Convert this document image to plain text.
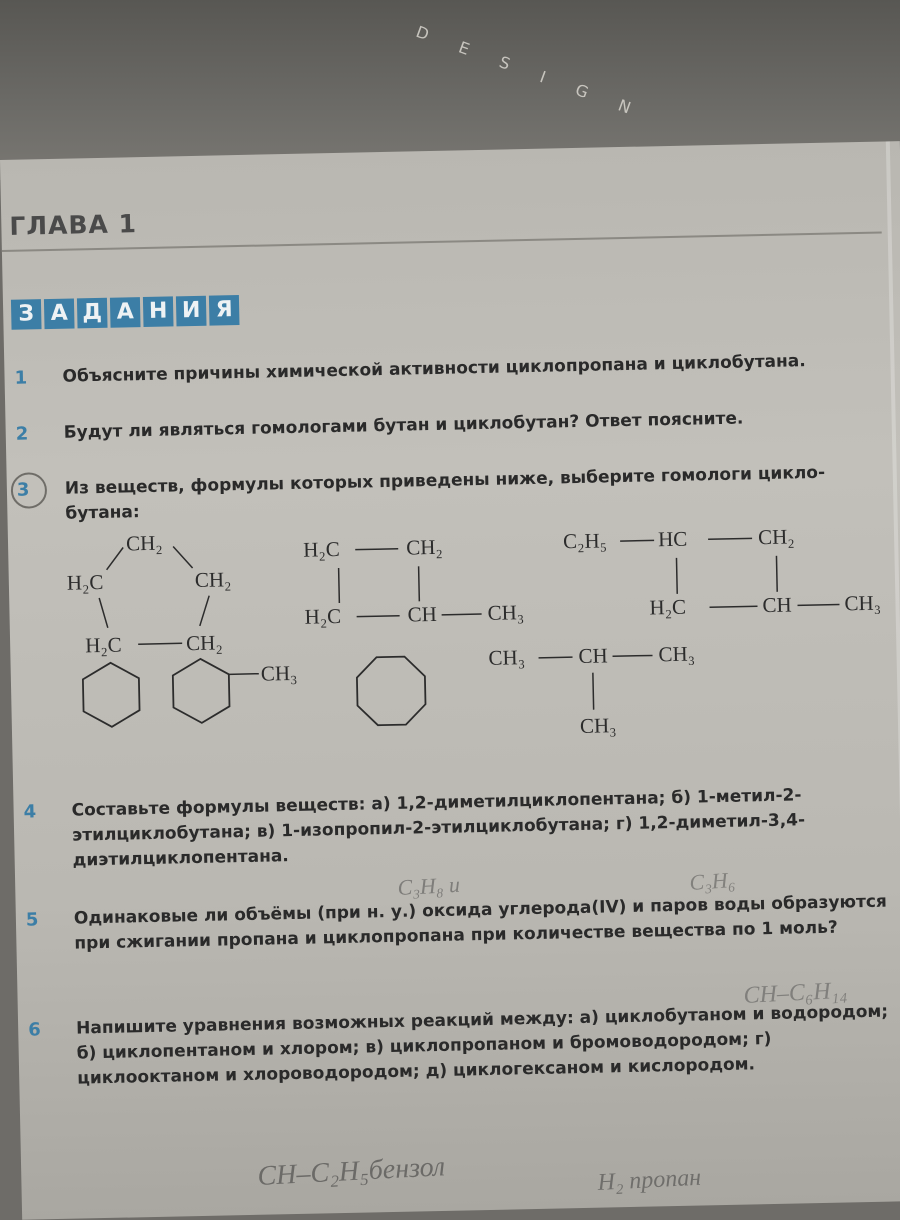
D E S I G N
ГЛАВА 1
З А Д А Н И Я
1 Объясните причины химической активности циклопропана и циклобутана.
2 Будут ли являться гомологами бутан и циклобутан? Ответ поясните.
3 Из веществ, формулы которых приведены ниже, выберите гомологи цикло-бутана:
CH₂
H₂C	CH₂
H₂C	CH₂
H₂C	CH₂
H₂C	CH CH₃
C₂H₅ HC	CH₂
H₂C	CH CH₃
CH₃
CH₃	CH CH₃
CH₃
4 Составьте формулы веществ: а) 1,2-диметилциклопентана; б) 1-метил-2-этилциклобутана; в) 1-изопропил-2-этилциклобутана; г) 1,2-диметил-3,4-диэтилциклопентана.
5 Одинаковые ли объёмы (при н. у.) оксида углерода(IV) и паров воды образуются при сжигании пропана и циклопропана при количестве вещества по 1 моль?
6 Напишите уравнения возможных реакций между: а) циклобутаном и водородом; б) циклопентаном и хлором; в) циклопропаном и бромоводородом; г) циклооктаном и хлороводородом; д) циклогексаном и кислородом.
C₃H₈ и	C₃H₆
CH–C₆H₁₄
CH–C₂H₅бензол	H₂ пропан
